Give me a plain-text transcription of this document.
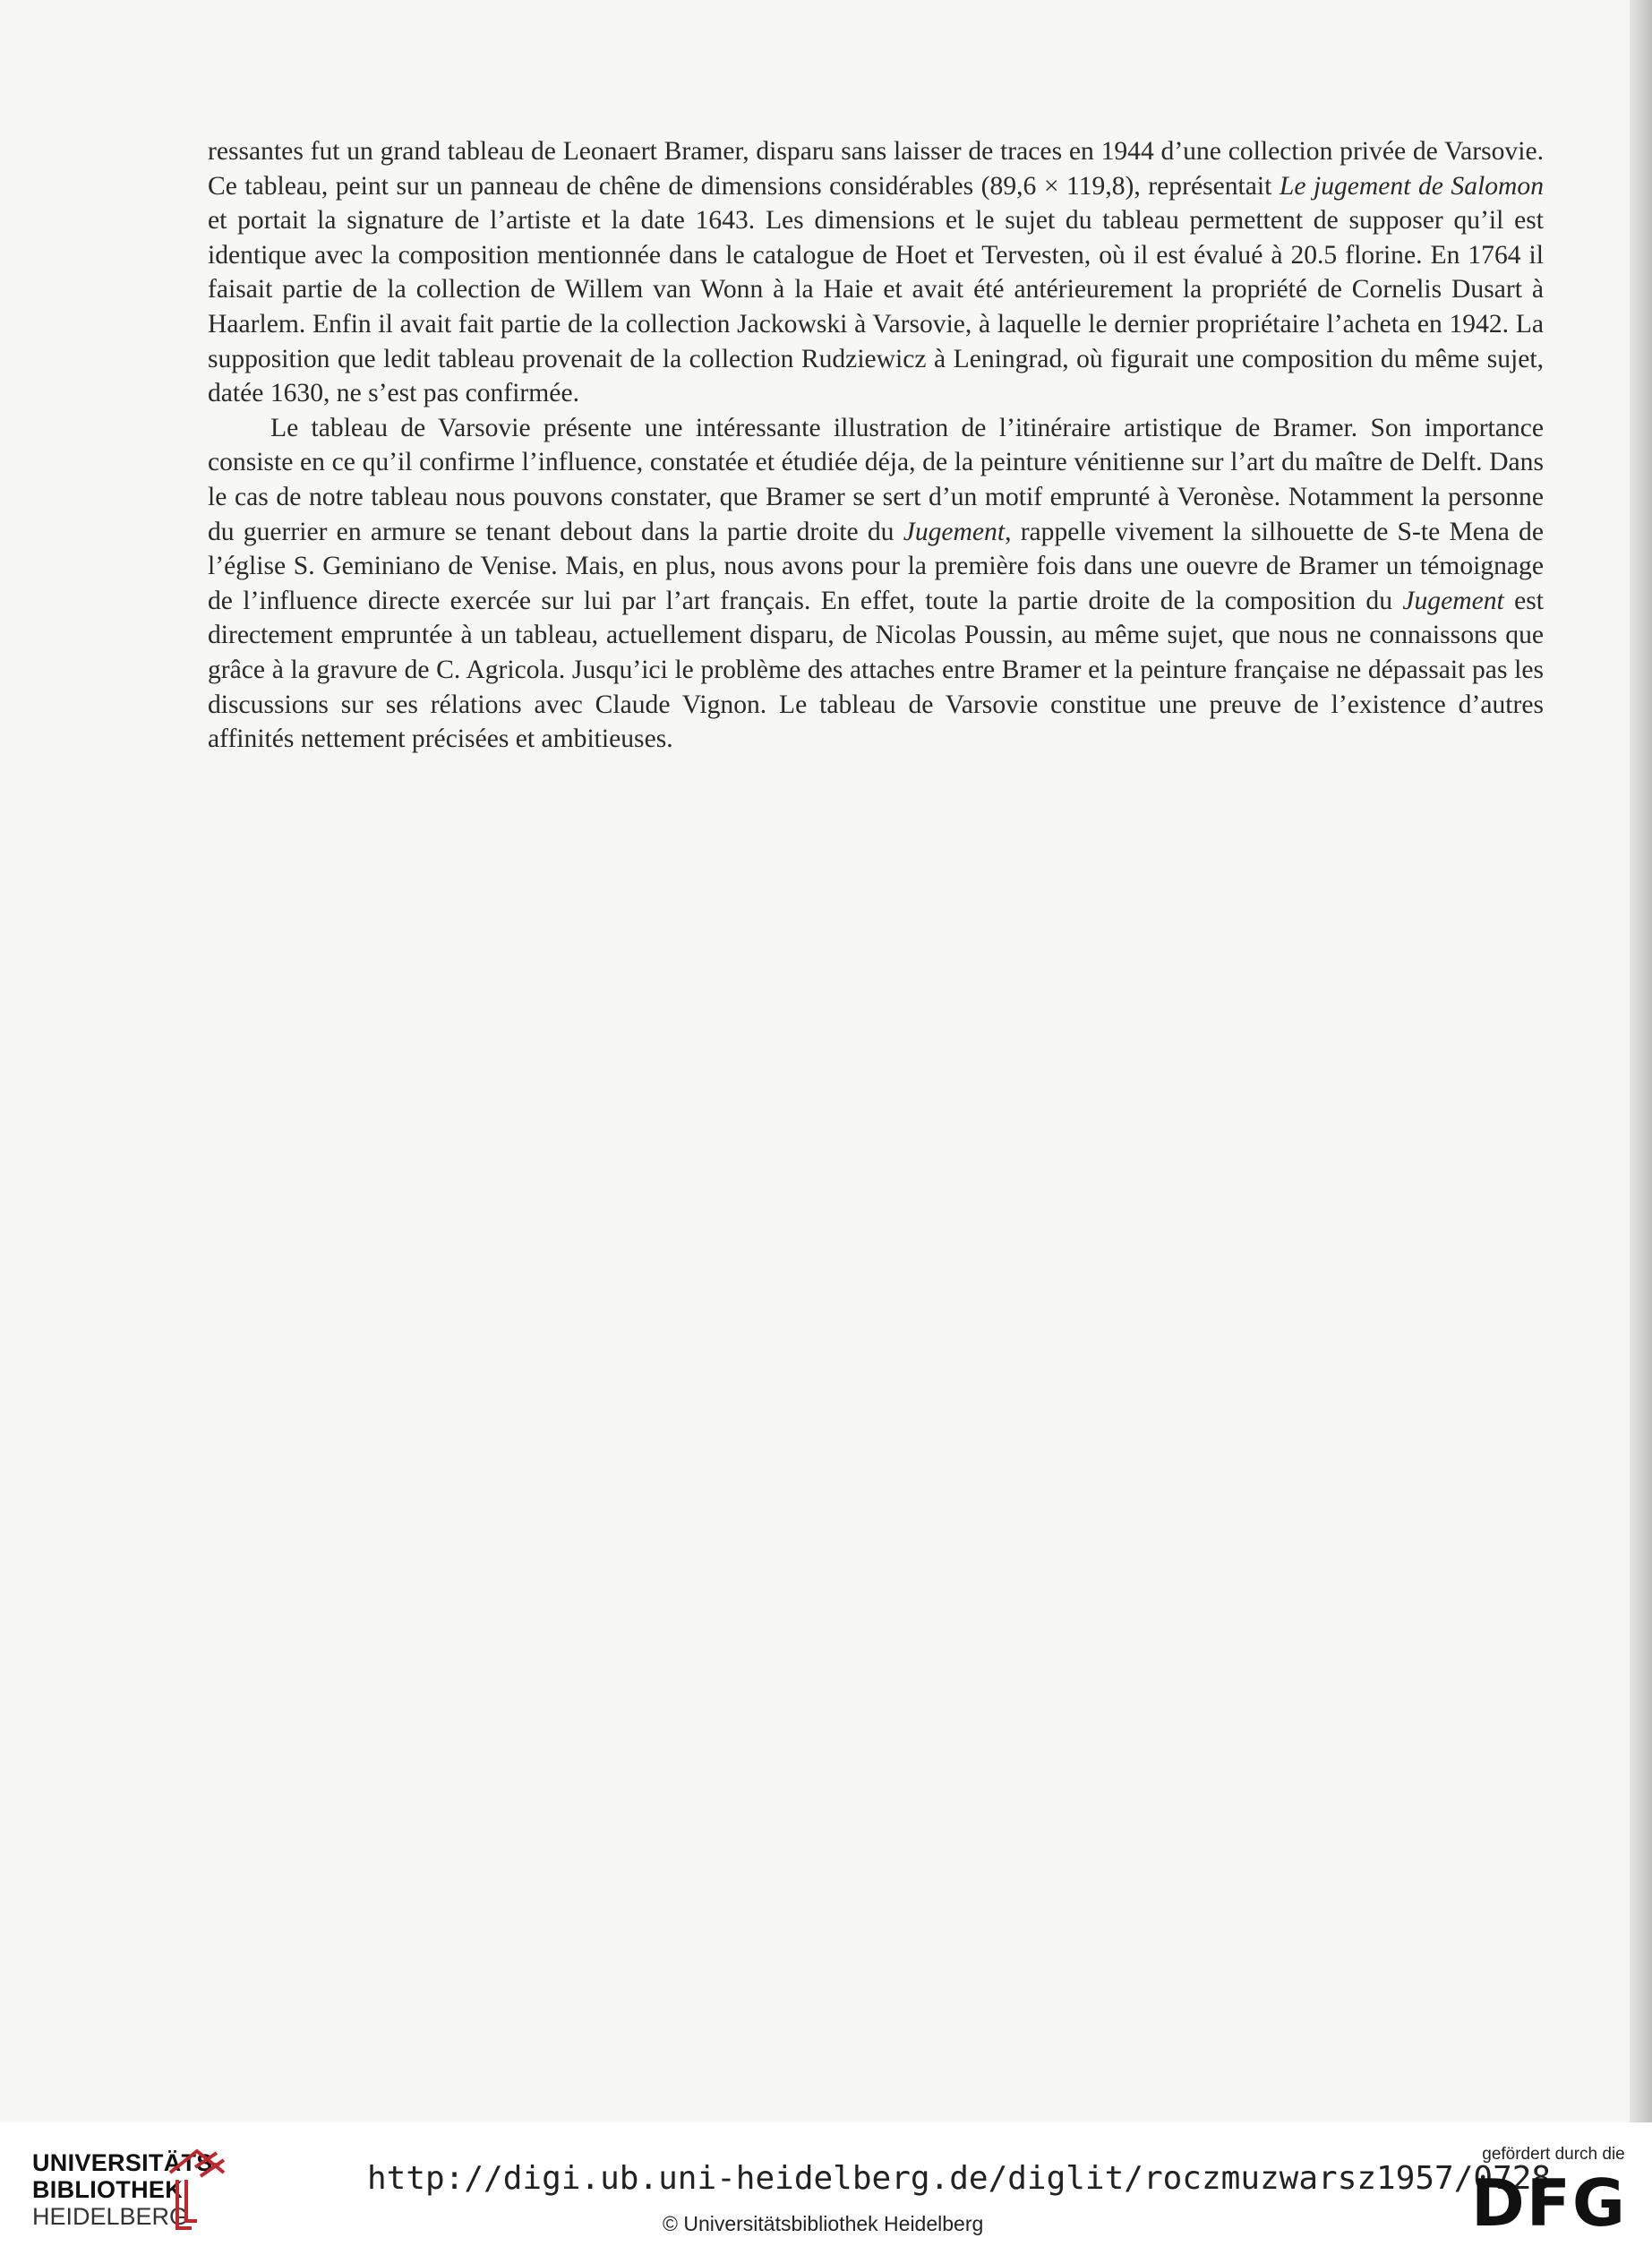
ressantes fut un grand tableau de Leonaert Bramer, disparu sans laisser de traces en 1944 d’une collection privée de Varsovie. Ce tableau, peint sur un panneau de chêne de dimensions considérables (89,6 × 119,8), représentait Le jugement de Salomon et portait la signature de l’artiste et la date 1643. Les dimensions et le sujet du tableau permettent de supposer qu’il est identique avec la composition mentionnée dans le catalogue de Hoet et Tervesten, où il est évalué à 20.5 florine. En 1764 il faisait partie de la collection de Willem van Wonn à la Haie et avait été antérieurement la propriété de Cornelis Dusart à Haarlem. Enfin il avait fait partie de la collection Jackowski à Varsovie, à laquelle le dernier propriétaire l’acheta en 1942. La supposition que ledit tableau provenait de la collection Rudziewicz à Leningrad, où figurait une composition du même sujet, datée 1630, ne s’est pas confirmée.

Le tableau de Varsovie présente une intéressante illustration de l’itinéraire artistique de Bramer. Son importance consiste en ce qu’il confirme l’influence, constatée et étudiée déja, de la peinture vénitienne sur l’art du maître de Delft. Dans le cas de notre tableau nous pouvons constater, que Bramer se sert d’un motif emprunté à Veronèse. Notamment la personne du guerrier en armure se tenant debout dans la partie droite du Jugement, rappelle vivement la silhouette de S-te Mena de l’église S. Geminiano de Venise. Mais, en plus, nous avons pour la première fois dans une ouevre de Bramer un témoignage de l’influence directe exercée sur lui par l’art français. En effet, toute la partie droite de la composition du Jugement est directement empruntée à un tableau, actuellement disparu, de Nicolas Poussin, au même sujet, que nous ne connaissons que grâce à la gravure de C. Agricola. Jusqu’ici le problème des attaches entre Bramer et la peinture française ne dépassait pas les discussions sur ses rélations avec Claude Vignon. Le tableau de Varsovie constitue une preuve de l’existence d’autres affinités nettement précisées et ambitieuses.

UNIVERSITÄTS-
BIBLIOTHEK
HEIDELBERG
http://digi.ub.uni-heidelberg.de/diglit/roczmuzwarsz1957/0728
© Universitätsbibliothek Heidelberg
gefördert durch die
DFG
